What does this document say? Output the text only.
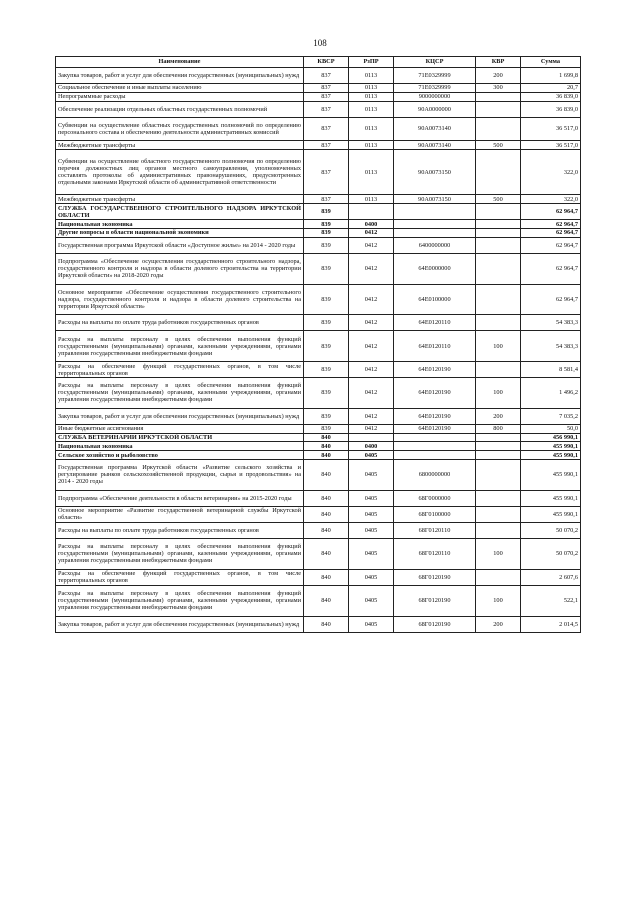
108
Наименование	КВСР	РзПР	КЦСР	КВР	Сумма
Закупка товаров, работ и услуг для обеспечения государственных (муниципальных) нужд	837	0113	71Е0329999	200	1 699,8
Социальное обеспечение и иные выплаты населению	837	0113	71Е0329999	300	20,7
Непрограммные расходы	837	0113	9000000000		36 839,0
Обеспечение реализации отдельных областных государственных полномочий	837	0113	90А0000000		36 839,0
Субвенции на осуществление областных государственных полномочий по определению персонального состава и обеспечению деятельности административных комиссий	837	0113	90А0073140		36 517,0
Межбюджетные трансферты	837	0113	90А0073140	500	36 517,0
Субвенции на осуществление областного государственного полномочия по определению перечня должностных лиц органов местного самоуправления, уполномоченных составлять протоколы об административных правонарушениях, предусмотренных отдельными законами Иркутской области об административной ответственности	837	0113	90А0073150		322,0
Межбюджетные трансферты	837	0113	90А0073150	500	322,0
СЛУЖБА ГОСУДАРСТВЕННОГО СТРОИТЕЛЬНОГО НАДЗОРА ИРКУТСКОЙ ОБЛАСТИ	839				62 964,7
Национальная экономика	839	0400			62 964,7
Другие вопросы в области национальной экономики	839	0412			62 964,7
Государственная программа Иркутской области «Доступное жилье» на 2014 - 2020 годы	839	0412	6400000000		62 964,7
Подпрограмма «Обеспечение осуществления государственного строительного надзора, государственного контроля и надзора в области долевого строительства на территории Иркутской области» на 2018-2020 годы	839	0412	64Е0000000		62 964,7
Основное мероприятие «Обеспечение осуществления государственного строительного надзора, государственного контроля и надзора в области долевого строительства на территории Иркутской области»	839	0412	64Е0100000		62 964,7
Расходы на выплаты по оплате труда работников государственных органов	839	0412	64Е0120110		54 383,3
Расходы на выплаты персоналу в целях обеспечения выполнения функций государственными (муниципальными) органами, казенными учреждениями, органами управления государственными внебюджетными фондами	839	0412	64Е0120110	100	54 383,3
Расходы на обеспечение функций государственных органов, в том числе территориальных органов	839	0412	64Е0120190		8 581,4
Расходы на выплаты персоналу в целях обеспечения выполнения функций государственными (муниципальными) органами, казенными учреждениями, органами управления государственными внебюджетными фондами	839	0412	64Е0120190	100	1 496,2
Закупка товаров, работ и услуг для обеспечения государственных (муниципальных) нужд	839	0412	64Е0120190	200	7 035,2
Иные бюджетные ассигнования	839	0412	64Е0120190	800	50,0
СЛУЖБА ВЕТЕРИНАРИИ ИРКУТСКОЙ ОБЛАСТИ	840				456 990,1
Национальная экономика	840	0400			455 990,1
Сельское хозяйство и рыболовство	840	0405			455 990,1
Государственная программа Иркутской области «Развитие сельского хозяйства и регулирование рынков сельскохозяйственной продукции, сырья и продовольствия» на 2014 - 2020 годы	840	0405	6800000000		455 990,1
Подпрограмма «Обеспечение деятельности в области ветеринарии» на 2015-2020 годы	840	0405	68Г0000000		455 990,1
Основное мероприятие «Развитие государственной ветеринарной службы Иркутской области»	840	0405	68Г0100000		455 990,1
Расходы на выплаты по оплате труда работников государственных органов	840	0405	68Г0120110		50 070,2
Расходы на выплаты персоналу в целях обеспечения выполнения функций государственными (муниципальными) органами, казенными учреждениями, органами управления государственными внебюджетными фондами	840	0405	68Г0120110	100	50 070,2
Расходы на обеспечение функций государственных органов, в том числе территориальных органов	840	0405	68Г0120190		2 607,6
Расходы на выплаты персоналу в целях обеспечения выполнения функций государственными (муниципальными) органами, казенными учреждениями, органами управления государственными внебюджетными фондами	840	0405	68Г0120190	100	522,1
Закупка товаров, работ и услуг для обеспечения государственных (муниципальных) нужд	840	0405	68Г0120190	200	2 014,5
